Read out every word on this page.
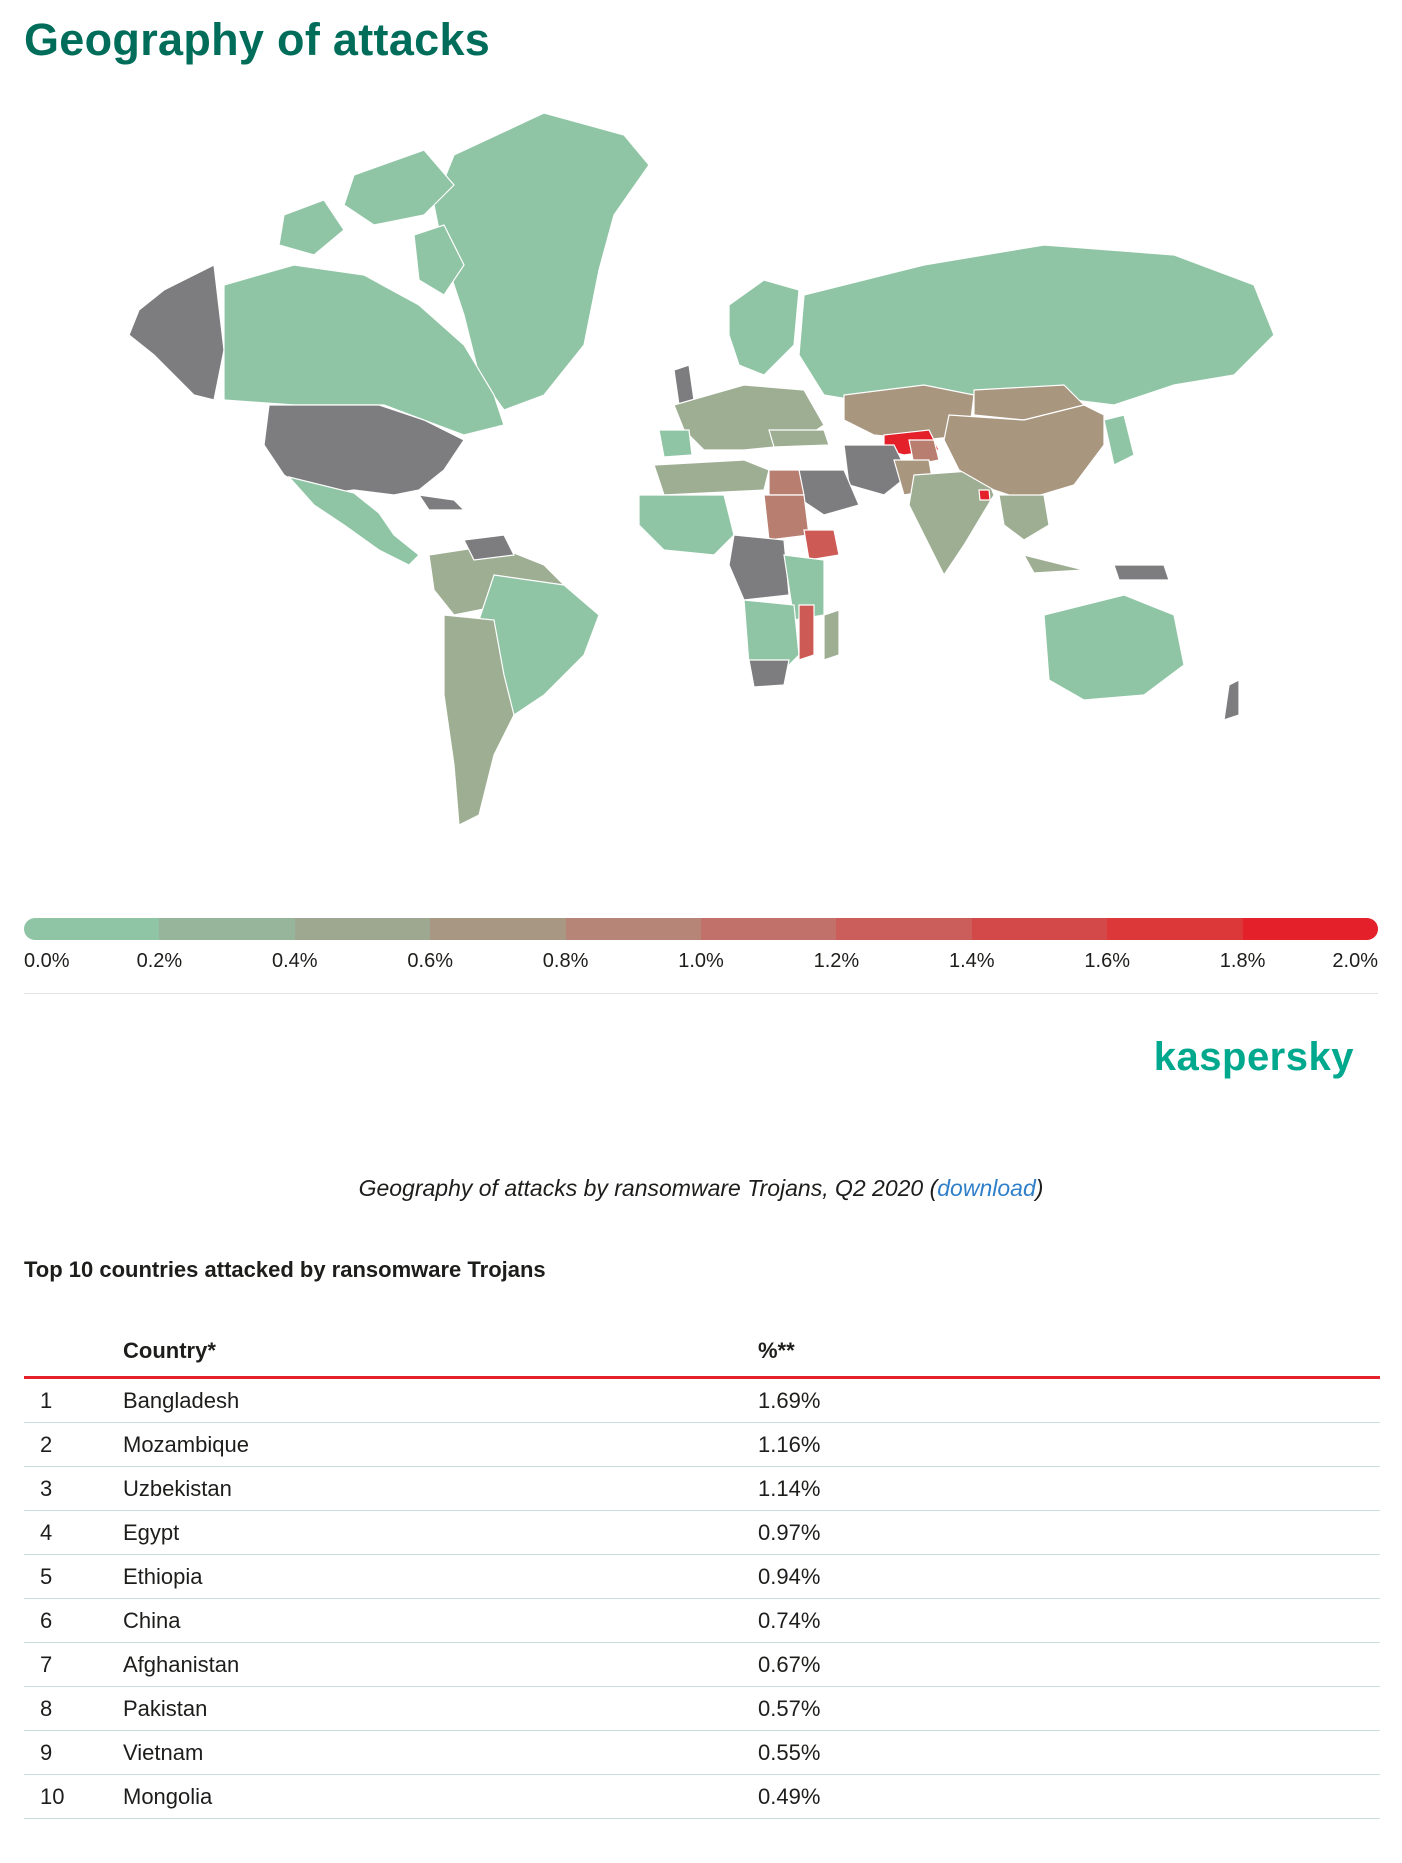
Geography of attacks
0.0%	0.2%	0.4%	0.6%	0.8%	1.0%	1.2%	1.4%	1.6%	1.8%	2.0%
kaspersky
Geography of attacks by ransomware Trojans, Q2 2020 (download)
Top 10 countries attacked by ransomware Trojans
Country*	%**
1	Bangladesh	1.69%
2	Mozambique	1.16%
3	Uzbekistan	1.14%
4	Egypt	0.97%
5	Ethiopia	0.94%
6	China	0.74%
7	Afghanistan	0.67%
8	Pakistan	0.57%
9	Vietnam	0.55%
10	Mongolia	0.49%
